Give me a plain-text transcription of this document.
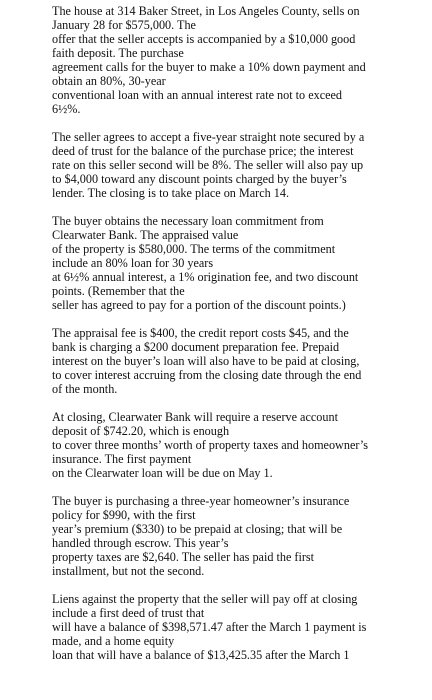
The house at 314 Baker Street, in Los Angeles County, sells on
January 28 for $575,000. The
offer that the seller accepts is accompanied by a $10,000 good
faith deposit. The purchase
agreement calls for the buyer to make a 10% down payment and
obtain an 80%, 30-year
conventional loan with an annual interest rate not to exceed
6½%.

The seller agrees to accept a five-year straight note secured by a
deed of trust for the balance of the purchase price; the interest
rate on this seller second will be 8%. The seller will also pay up
to $4,000 toward any discount points charged by the buyer’s
lender. The closing is to take place on March 14.

The buyer obtains the necessary loan commitment from
Clearwater Bank. The appraised value
of the property is $580,000. The terms of the commitment
include an 80% loan for 30 years
at 6½% annual interest, a 1% origination fee, and two discount
points. (Remember that the
seller has agreed to pay for a portion of the discount points.)

The appraisal fee is $400, the credit report costs $45, and the
bank is charging a $200 document preparation fee. Prepaid
interest on the buyer’s loan will also have to be paid at closing,
to cover interest accruing from the closing date through the end
of the month.

At closing, Clearwater Bank will require a reserve account
deposit of $742.20, which is enough
to cover three months’ worth of property taxes and homeowner’s
insurance. The first payment
on the Clearwater loan will be due on May 1.

The buyer is purchasing a three-year homeowner’s insurance
policy for $990, with the first
year’s premium ($330) to be prepaid at closing; that will be
handled through escrow. This year’s
property taxes are $2,640. The seller has paid the first
installment, but not the second.

Liens against the property that the seller will pay off at closing
include a first deed of trust that
will have a balance of $398,571.47 after the March 1 payment is
made, and a home equity
loan that will have a balance of $13,425.35 after the March 1
